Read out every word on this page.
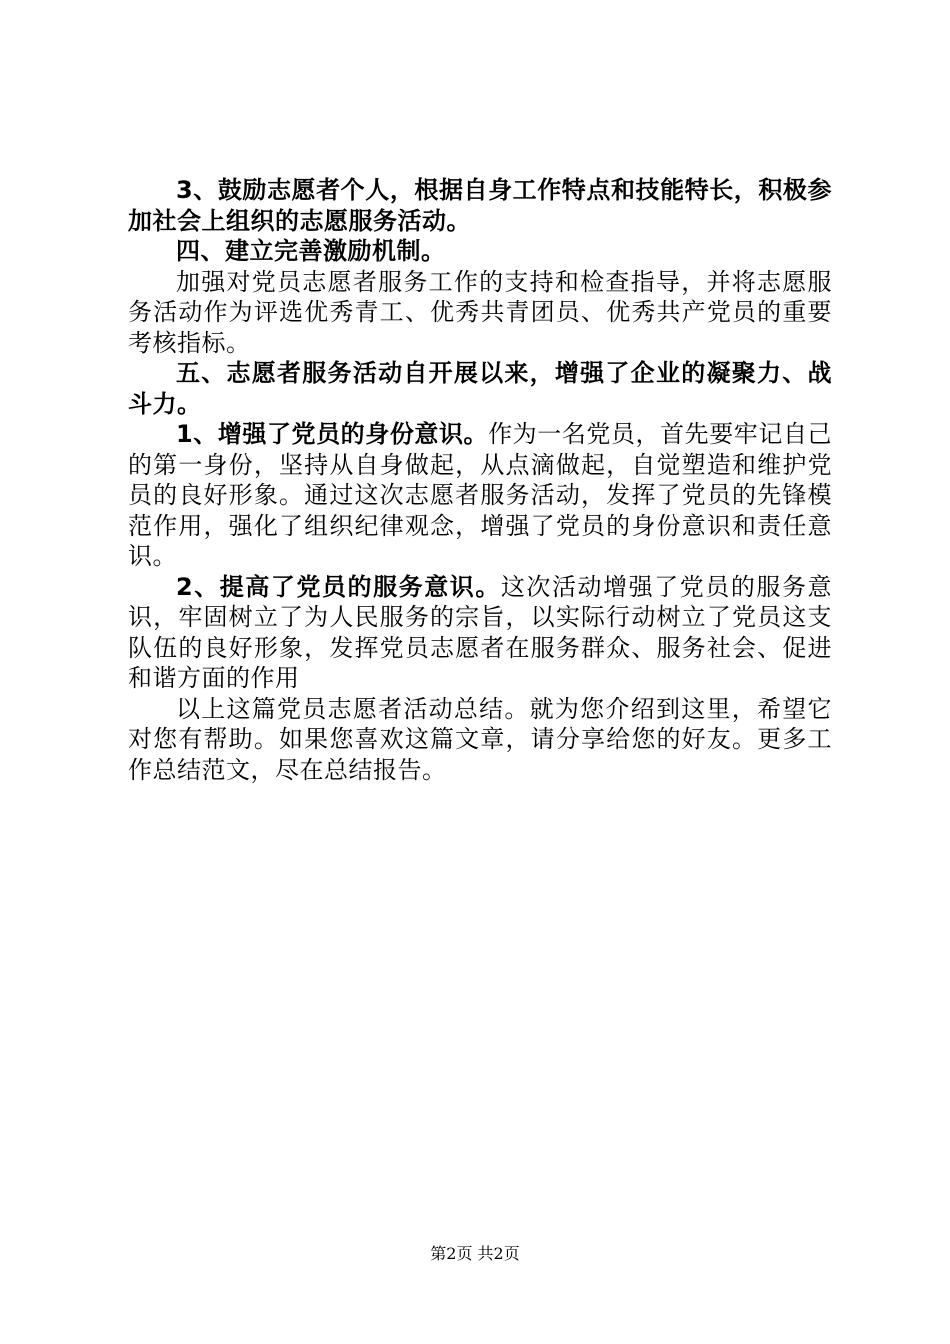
3、鼓励志愿者个人，根据自身工作特点和技能特长，积极参加社会上组织的志愿服务活动。

四、建立完善激励机制。

加强对党员志愿者服务工作的支持和检查指导，并将志愿服务活动作为评选优秀青工、优秀共青团员、优秀共产党员的重要考核指标。

五、志愿者服务活动自开展以来，增强了企业的凝聚力、战斗力。

1、增强了党员的身份意识。作为一名党员，首先要牢记自己的第一身份，坚持从自身做起，从点滴做起，自觉塑造和维护党员的良好形象。通过这次志愿者服务活动，发挥了党员的先锋模范作用，强化了组织纪律观念，增强了党员的身份意识和责任意识。

2、提高了党员的服务意识。这次活动增强了党员的服务意识，牢固树立了为人民服务的宗旨，以实际行动树立了党员这支队伍的良好形象，发挥党员志愿者在服务群众、服务社会、促进和谐方面的作用

以上这篇党员志愿者活动总结。就为您介绍到这里，希望它对您有帮助。如果您喜欢这篇文章，请分享给您的好友。更多工作总结范文，尽在总结报告。

第2页 共2页
